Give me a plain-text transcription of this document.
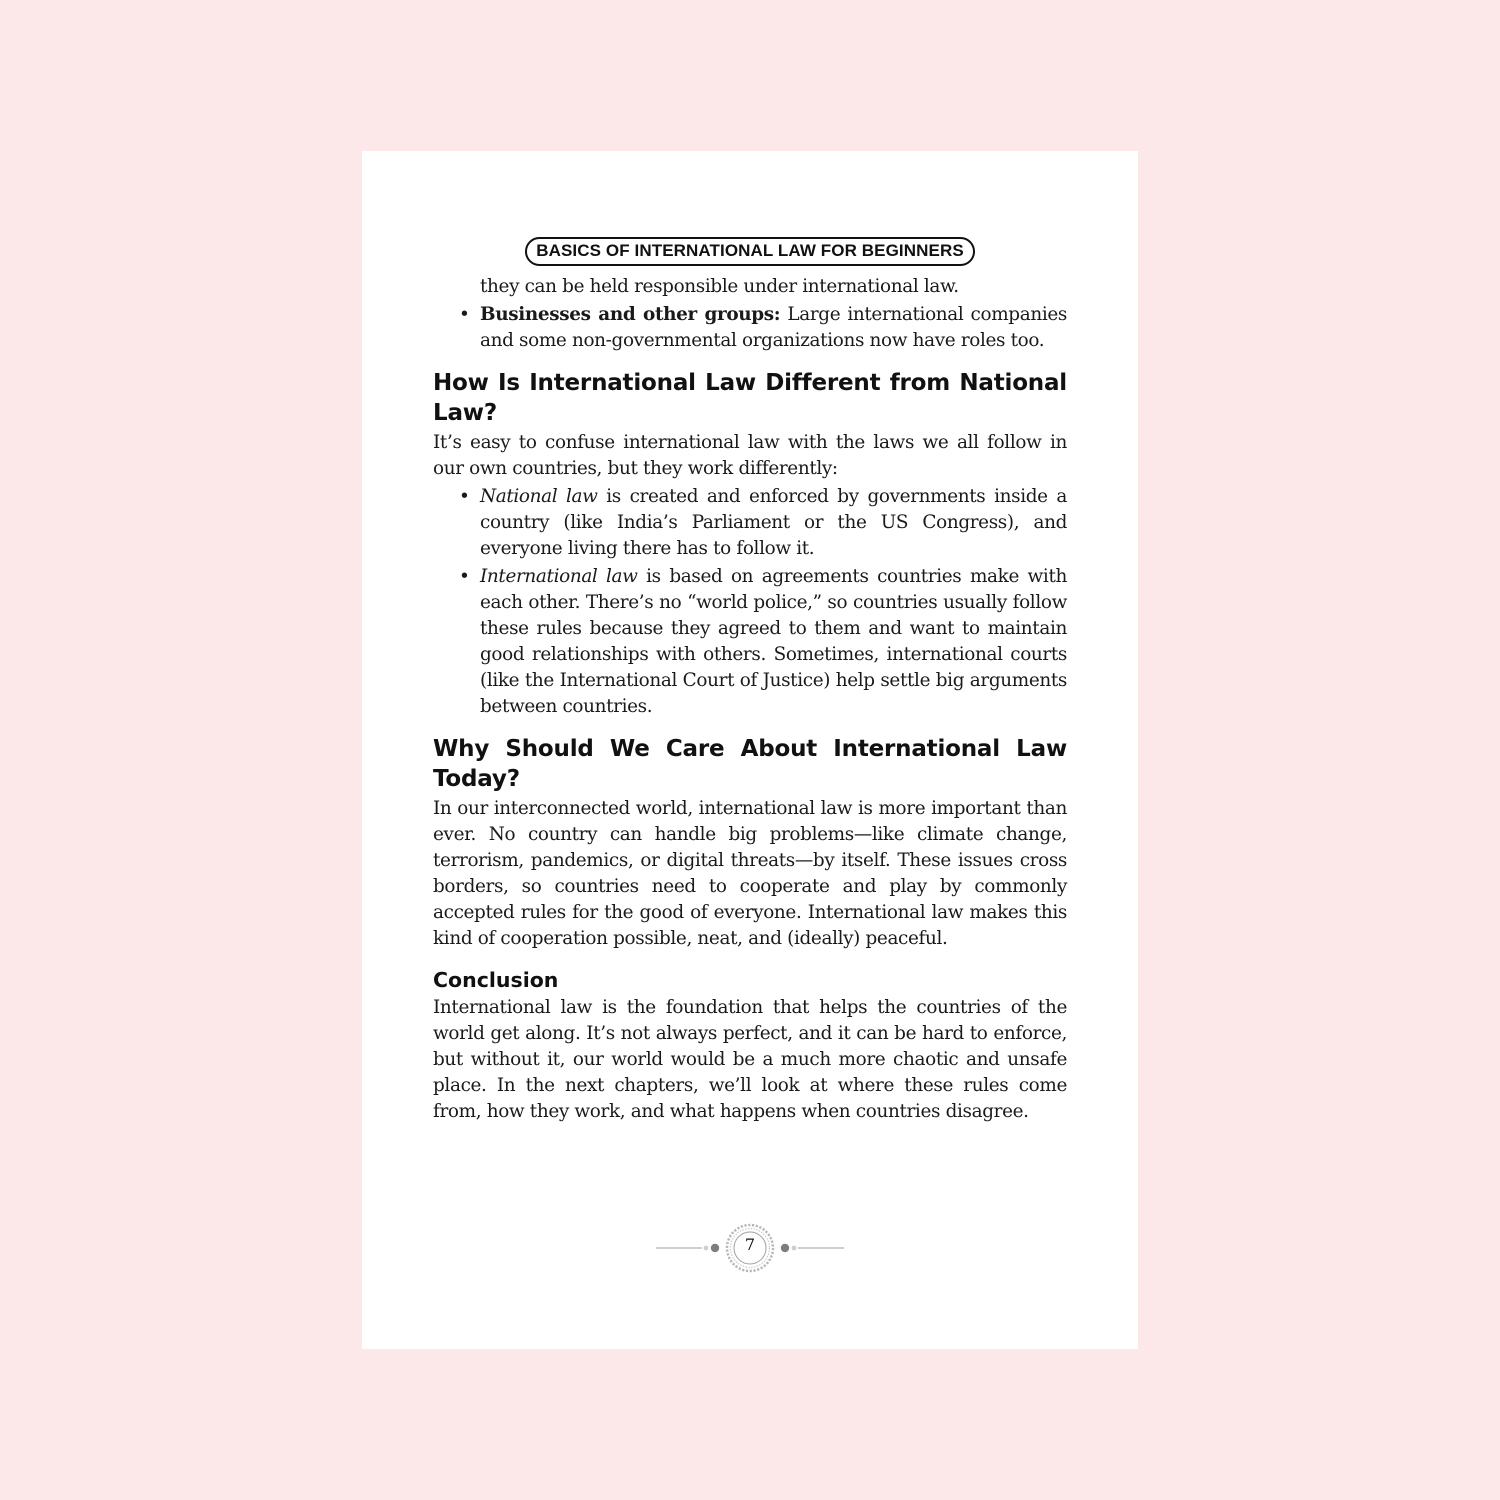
BASICS OF INTERNATIONAL LAW FOR BEGINNERS

they can be held responsible under international law.

• Businesses and other groups: Large international companies and some non-governmental organizations now have roles too.
How Is International Law Different from National Law?

It’s easy to confuse international law with the laws we all follow in our own countries, but they work differently:

• National law is created and enforced by governments inside a country (like India’s Parliament or the US Congress), and everyone living there has to follow it.
• International law is based on agreements countries make with each other. There’s no “world police,” so countries usually follow these rules because they agreed to them and want to maintain good relationships with others. Sometimes, international courts (like the International Court of Justice) help settle big arguments between countries.
Why Should We Care About International Law Today?

In our interconnected world, international law is more important than ever. No country can handle big problems—like climate change, terrorism, pandemics, or digital threats—by itself. These issues cross borders, so countries need to cooperate and play by commonly accepted rules for the good of everyone. International law makes this kind of cooperation possible, neat, and (ideally) peaceful.

Conclusion

International law is the foundation that helps the countries of the world get along. It’s not always perfect, and it can be hard to enforce, but without it, our world would be a much more chaotic and unsafe place. In the next chapters, we’ll look at where these rules come from, how they work, and what happens when countries disagree.

7
